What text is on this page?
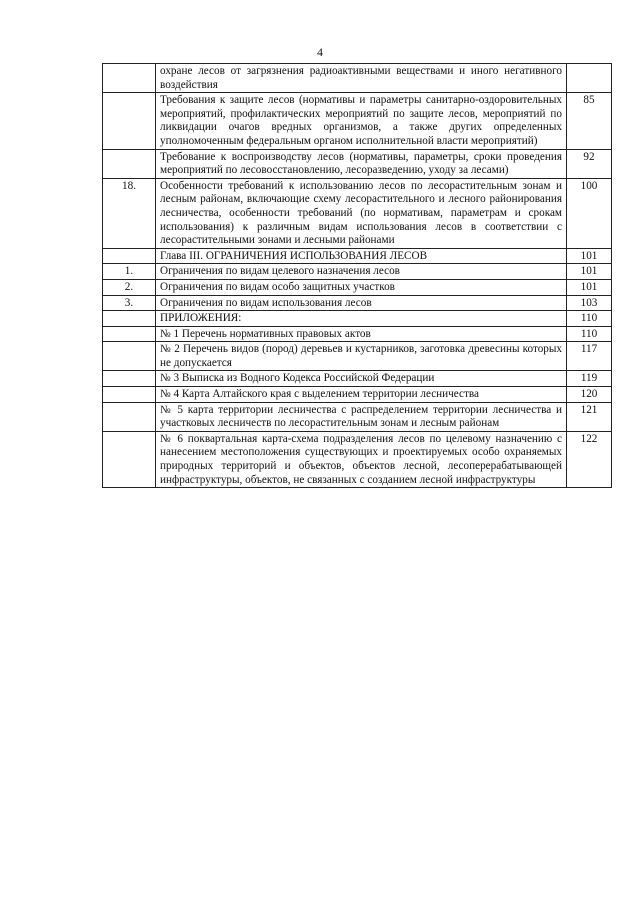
4
	охране лесов от загрязнения радиоактивными веществами и иного негативного воздействия	
	Требования к защите лесов (нормативы и параметры санитарно-оздоровительных мероприятий, профилактических мероприятий по защите лесов, мероприятий по ликвидации очагов вредных организмов, а также других определенных уполномоченным федеральным органом исполнительной власти мероприятий)	85
	Требование к воспроизводству лесов (нормативы, параметры, сроки проведения мероприятий по лесовосстановлению, лесоразведению, уходу за лесами)	92
18.	Особенности требований к использованию лесов по лесорастительным зонам и лесным районам, включающие схему лесорастительного и лесного районирования лесничества, особенности требований (по нормативам, параметрам и срокам использования) к различным видам использования лесов в соответствии с лесорастительными зонами и лесными районами	100
	Глава III. ОГРАНИЧЕНИЯ ИСПОЛЬЗОВАНИЯ ЛЕСОВ	101
1.	Ограничения по видам целевого назначения лесов	101
2.	Ограничения по видам особо защитных участков	101
3.	Ограничения по видам использования лесов	103
	ПРИЛОЖЕНИЯ:	110
	№ 1 Перечень нормативных правовых актов	110
	№ 2 Перечень видов (пород) деревьев и кустарников, заготовка древесины которых не допускается	117
	№ 3 Выписка из Водного Кодекса Российской Федерации	119
	№ 4 Карта Алтайского края с выделением территории лесничества	120
	№ 5 карта территории лесничества с распределением территории лесничества и участковых лесничеств по лесорастительным зонам и лесным районам	121
	№ 6 поквартальная карта-схема подразделения лесов по целевому назначению с нанесением местоположения существующих и проектируемых особо охраняемых природных территорий и объектов, объектов лесной, лесоперерабатывающей инфраструктуры, объектов, не связанных с созданием лесной инфраструктуры	122
